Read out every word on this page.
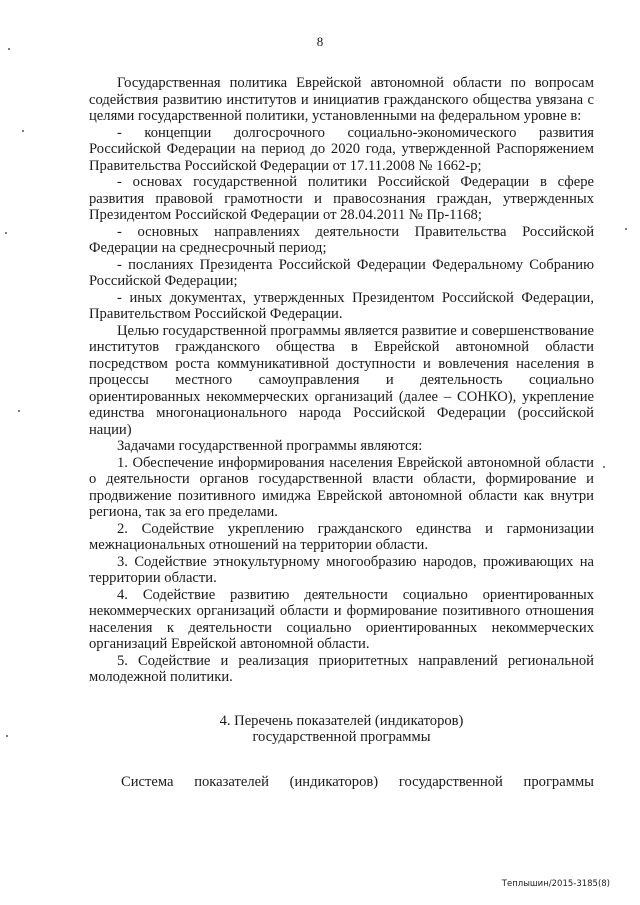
8

Государственная политика Еврейской автономной области по вопросам содействия развитию институтов и инициатив гражданского общества увязана с целями государственной политики, установленными на федеральном уровне в:

- концепции долгосрочного социально-экономического развития Российской Федерации на период до 2020 года, утвержденной Распоряжением Правительства Российской Федерации от 17.11.2008 № 1662-р;

- основах государственной политики Российской Федерации в сфере развития правовой грамотности и правосознания граждан, утвержденных Президентом Российской Федерации от 28.04.2011 № Пр-1168;

- основных направлениях деятельности Правительства Российской Федерации на среднесрочный период;

- посланиях Президента Российской Федерации Федеральному Собранию Российской Федерации;

- иных документах, утвержденных Президентом Российской Федерации, Правительством Российской Федерации.

Целью государственной программы является развитие и совершенствование институтов гражданского общества в Еврейской автономной области посредством роста коммуникативной доступности и вовлечения населения в процессы местного самоуправления и деятельность социально ориентированных некоммерческих организаций (далее – СОНКО), укрепление единства многонационального народа Российской Федерации (российской нации)

Задачами государственной программы являются:

1. Обеспечение информирования населения Еврейской автономной области о деятельности органов государственной власти области, формирование и продвижение позитивного имиджа Еврейской автономной области как внутри региона, так за его пределами.

2. Содействие укреплению гражданского единства и гармонизации межнациональных отношений на территории области.

3. Содействие этнокультурному многообразию народов, проживающих на территории области.

4. Содействие развитию деятельности социально ориентированных некоммерческих организаций области и формирование позитивного отношения населения к деятельности социально ориентированных некоммерческих организаций Еврейской автономной области.

5. Содействие и реализация приоритетных направлений региональной молодежной политики.

4. Перечень показателей (индикаторов)
государственной программы

Система показателей (индикаторов) государственной программы

Теплышин/2015-3185(8)
